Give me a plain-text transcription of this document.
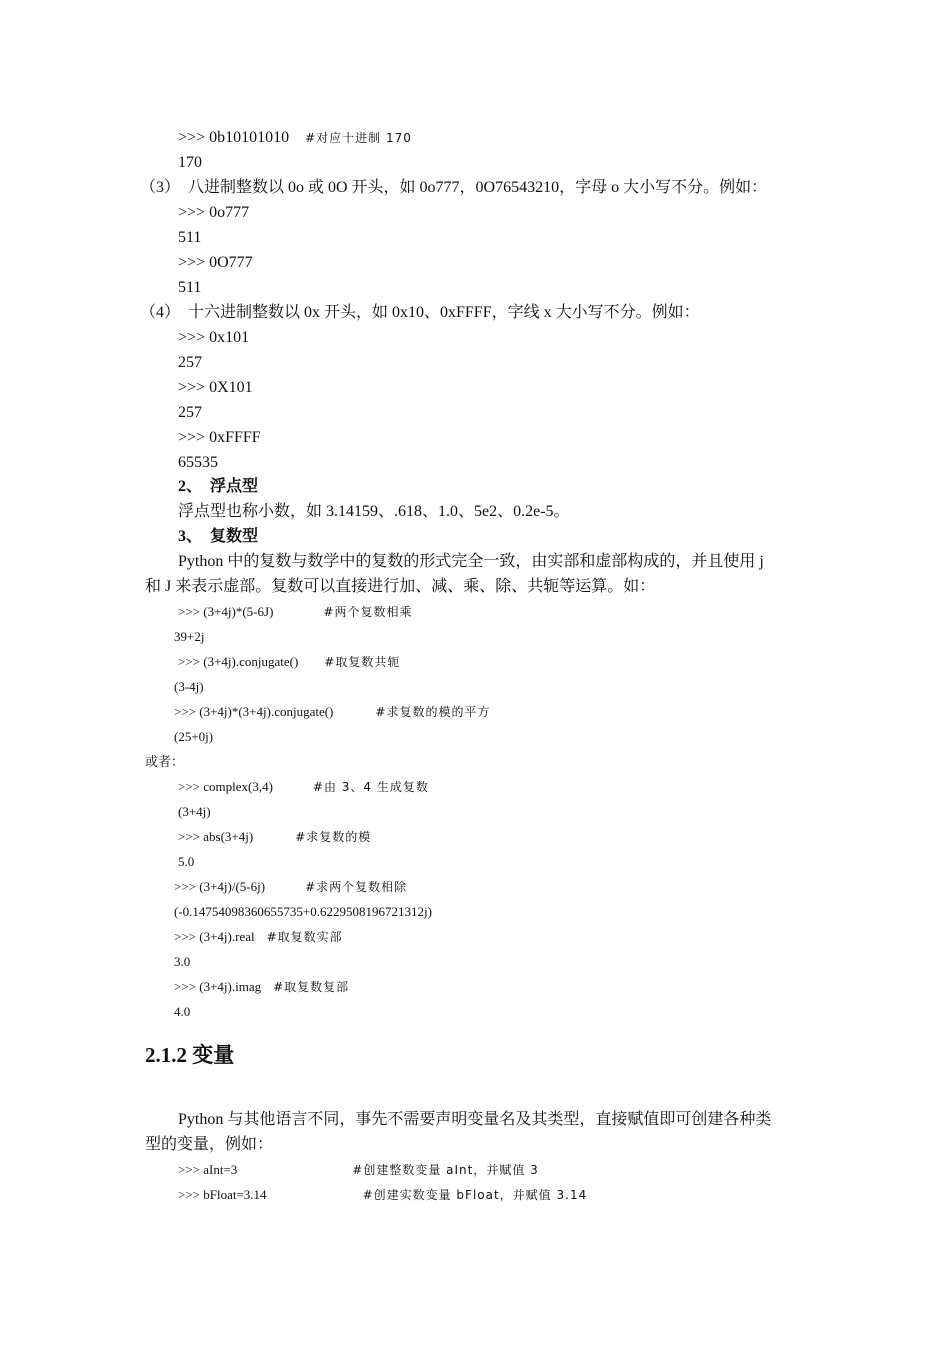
>>> 0b10101010 #对应十进制 170
170
（3）　八进制整数以 0o 或 0O 开头，如 0o777，0O76543210，字母 o 大小写不分。例如：
>>> 0o777
511
>>> 0O777
511
（4）　十六进制整数以 0x 开头，如 0x10、0xFFFF，字线 x 大小写不分。例如：
>>> 0x101
257
>>> 0X101
257
>>> 0xFFFF
65535
2、　浮点型
浮点型也称小数，如 3.14159、.618、1.0、5e2、0.2e-5。
3、　复数型
Python 中的复数与数学中的复数的形式完全一致，由实部和虚部构成的，并且使用 j
和 J 来表示虚部。复数可以直接进行加、减、乘、除、共轭等运算。如：
>>> (3+4j)*(5-6J)	#两个复数相乘
39+2j
>>> (3+4j).conjugate() #取复数共轭
(3-4j)
>>> (3+4j)*(3+4j).conjugate()	#求复数的模的平方
(25+0j)
或者：
>>> complex(3,4)	#由 3、4 生成复数
(3+4j)
>>> abs(3+4j)	#求复数的模
5.0
>>> (3+4j)/(5-6j)	#求两个复数相除
(-0.14754098360655735+0.6229508196721312j)
>>> (3+4j).real #取复数实部
3.0
>>> (3+4j).imag #取复数复部
4.0
2.1.2 变量
Python 与其他语言不同，事先不需要声明变量名及其类型，直接赋值即可创建各种类
型的变量，例如：
>>> aInt=3	#创建整数变量 aInt，并赋值 3
>>> bFloat=3.14	#创建实数变量 bFloat，并赋值 3.14
